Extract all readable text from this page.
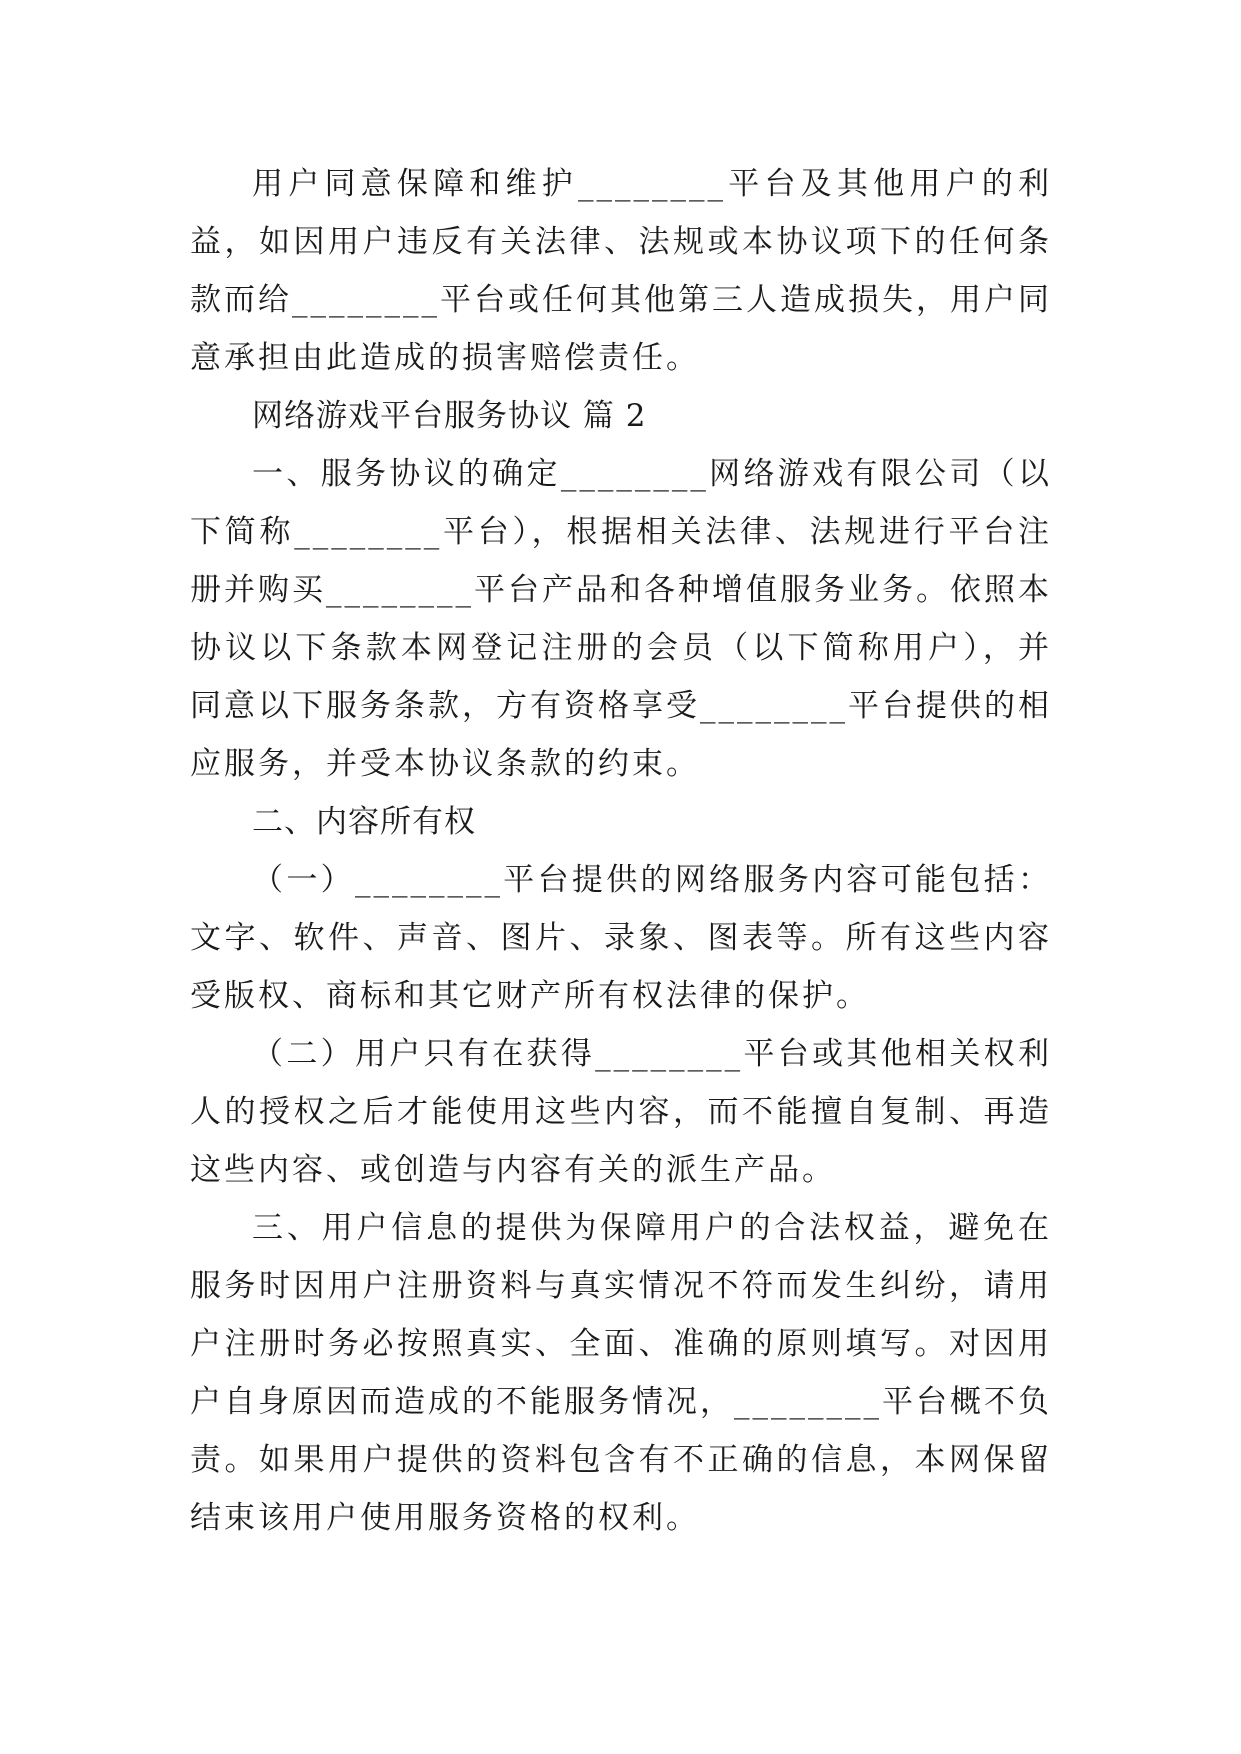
用户同意保障和维护________平台及其他用户的利益，如因用户违反有关法律、法规或本协议项下的任何条款而给________平台或任何其他第三人造成损失，用户同意承担由此造成的损害赔偿责任。

网络游戏平台服务协议 篇 2

一、服务协议的确定________网络游戏有限公司（以下简称________平台），根据相关法律、法规进行平台注册并购买________平台产品和各种增值服务业务。依照本协议以下条款本网登记注册的会员（以下简称用户），并同意以下服务条款，方有资格享受________平台提供的相应服务，并受本协议条款的约束。

二、内容所有权

（一）________平台提供的网络服务内容可能包括：文字、软件、声音、图片、录象、图表等。所有这些内容受版权、商标和其它财产所有权法律的保护。

（二）用户只有在获得________平台或其他相关权利人的授权之后才能使用这些内容，而不能擅自复制、再造这些内容、或创造与内容有关的派生产品。

三、用户信息的提供为保障用户的合法权益，避免在服务时因用户注册资料与真实情况不符而发生纠纷，请用户注册时务必按照真实、全面、准确的原则填写。对因用户自身原因而造成的不能服务情况，________平台概不负责。如果用户提供的资料包含有不正确的信息，本网保留结束该用户使用服务资格的权利。
